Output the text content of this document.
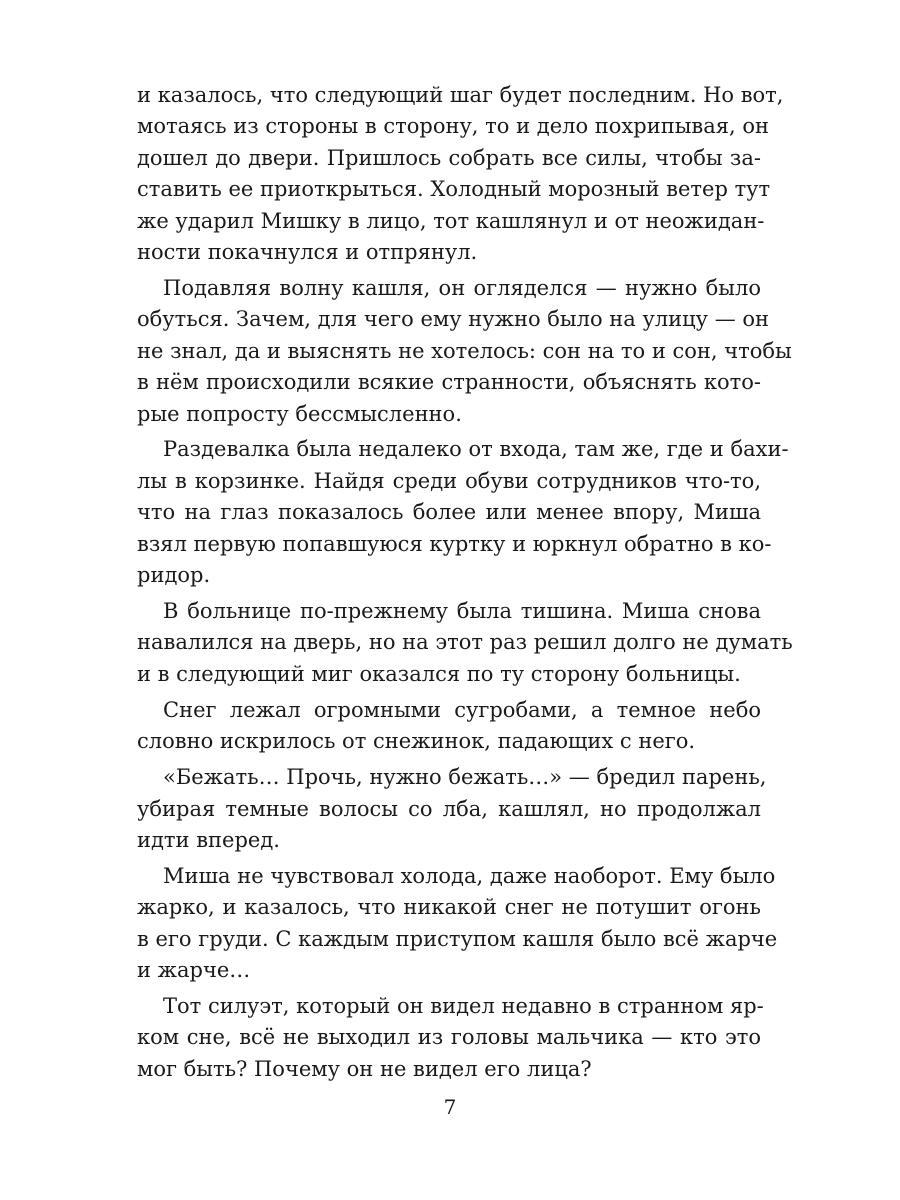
и казалось, что следующий шаг будет последним. Но вот,
мотаясь из стороны в сторону, то и дело похрипывая, он
дошел до двери. Пришлось собрать все силы, чтобы за-
ставить ее приоткрыться. Холодный морозный ветер тут
же ударил Мишку в лицо, тот кашлянул и от неожидан-
ности покачнулся и отпрянул.
Подавляя волну кашля, он огляделся — нужно было
обуться. Зачем, для чего ему нужно было на улицу — он
не знал, да и выяснять не хотелось: сон на то и сон, чтобы
в нём происходили всякие странности, объяснять кото-
рые попросту бессмысленно.
Раздевалка была недалеко от входа, там же, где и бахи-
лы в корзинке. Найдя среди обуви сотрудников что-то,
что на глаз показалось более или менее впору, Миша
взял первую попавшуюся куртку и юркнул обратно в ко-
ридор.
В больнице по-прежнему была тишина. Миша снова
навалился на дверь, но на этот раз решил долго не думать
и в следующий миг оказался по ту сторону больницы.
Снег лежал огромными сугробами, а темное небо
словно искрилось от снежинок, падающих с него.
«Бежать… Прочь, нужно бежать…» — бредил парень,
убирая темные волосы со лба, кашлял, но продолжал
идти вперед.
Миша не чувствовал холода, даже наоборот. Ему было
жарко, и казалось, что никакой снег не потушит огонь
в его груди. С каждым приступом кашля было всё жарче
и жарче…
Тот силуэт, который он видел недавно в странном яр-
ком сне, всё не выходил из головы мальчика — кто это
мог быть? Почему он не видел его лица?
7
